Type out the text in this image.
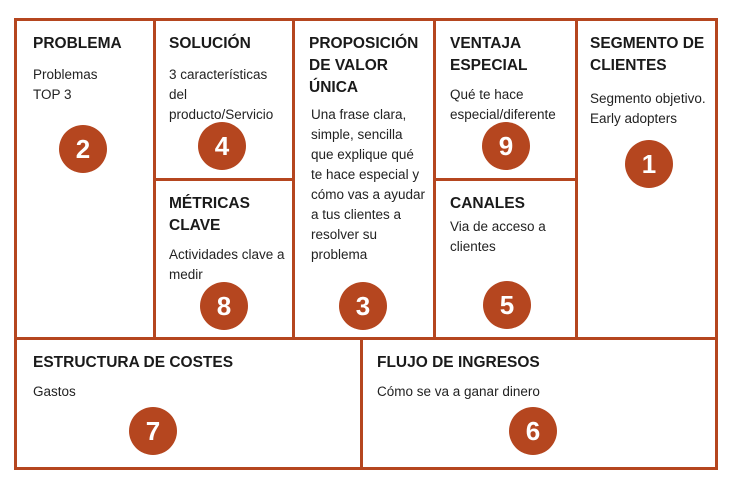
PROBLEMA
Problemas
TOP 3
2
SOLUCIÓN
3 características
del
producto/Servicio
4
MÉTRICAS
CLAVE
Actividades clave a
medir
8
PROPOSICIÓN
DE VALOR
ÚNICA
Una frase clara,
simple, sencilla
que explique qué
te hace especial y
cómo vas a ayudar
a tus clientes a
resolver su
problema
3
VENTAJA
ESPECIAL
Qué te hace
especial/diferente
9
CANALES
Via de acceso a
clientes
5
SEGMENTO DE
CLIENTES
Segmento objetivo.
Early adopters
1
ESTRUCTURA DE COSTES
Gastos
7
FLUJO DE INGRESOS
Cómo se va a ganar dinero
6
